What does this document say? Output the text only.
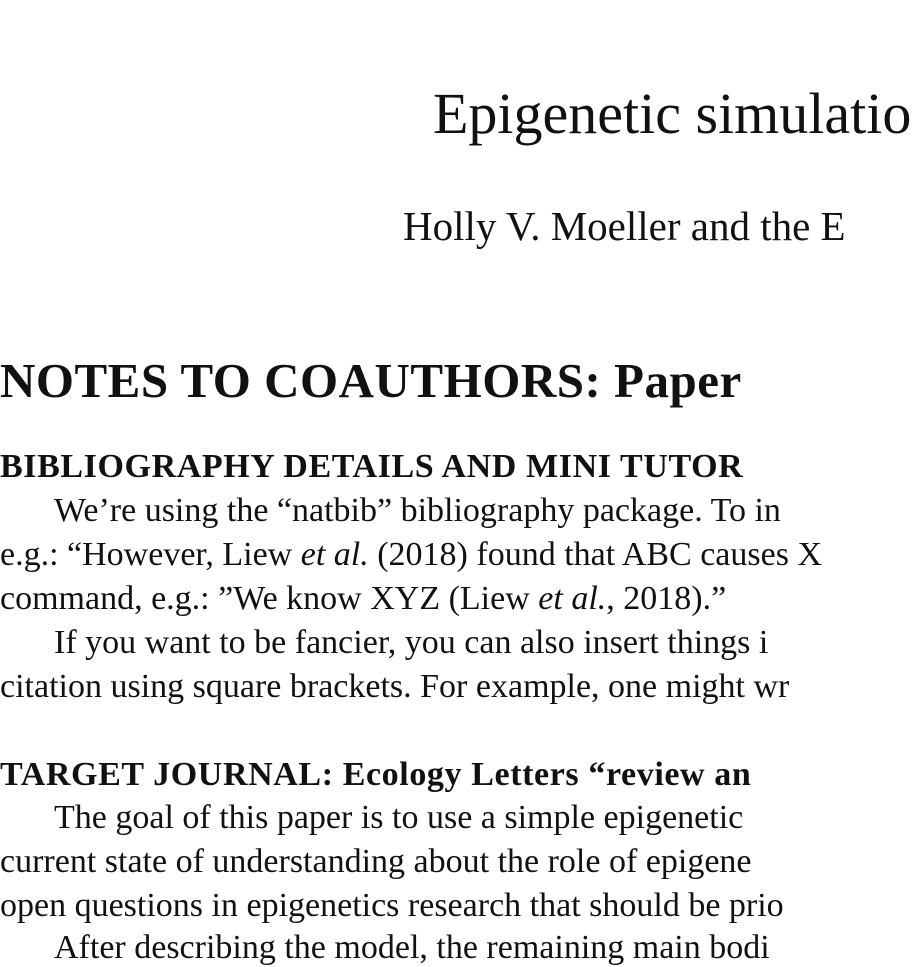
Epigenetic simulatio
Holly V. Moeller and the E
NOTES TO COAUTHORS: Paper
BIBLIOGRAPHY DETAILS AND MINI TUTOR
We’re using the “natbib” bibliography package. To in
e.g.: “However, Liew et al. (2018) found that ABC causes X
command, e.g.: ”We know XYZ (Liew et al., 2018).”
If you want to be fancier, you can also insert things i
citation using square brackets. For example, one might wr
TARGET JOURNAL: Ecology Letters “review an
The goal of this paper is to use a simple epigenetic
current state of understanding about the role of epigene
open questions in epigenetics research that should be prio
After describing the model, the remaining main bodi
